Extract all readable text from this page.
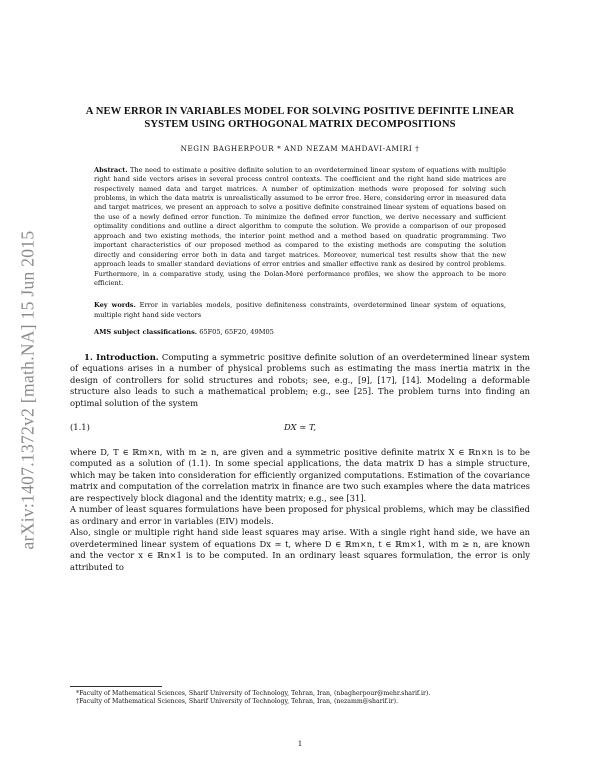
arXiv:1407.1372v2 [math.NA] 15 Jun 2015
A NEW ERROR IN VARIABLES MODEL FOR SOLVING POSITIVE DEFINITE LINEAR SYSTEM USING ORTHOGONAL MATRIX DECOMPOSITIONS
NEGIN BAGHERPOUR * AND NEZAM MAHDAVI-AMIRI †
Abstract. The need to estimate a positive definite solution to an overdetermined linear system of equations with multiple right hand side vectors arises in several process control contexts. The coefficient and the right hand side matrices are respectively named data and target matrices. A number of optimization methods were proposed for solving such problems, in which the data matrix is unrealistically assumed to be error free. Here, considering error in measured data and target matrices, we present an approach to solve a positive definite constrained linear system of equations based on the use of a newly defined error function. To minimize the defined error function, we derive necessary and sufficient optimality conditions and outline a direct algorithm to compute the solution. We provide a comparison of our proposed approach and two existing methods, the interior point method and a method based on quadratic programming. Two important characteristics of our proposed method as compared to the existing methods are computing the solution directly and considering error both in data and target matrices. Moreover, numerical test results show that the new approach leads to smaller standard deviations of error entries and smaller effective rank as desired by control problems. Furthermore, in a comparative study, using the Dolan-Moré performance profiles, we show the approach to be more efficient.
Key words. Error in variables models, positive definiteness constraints, overdetermined linear system of equations, multiple right hand side vectors
AMS subject classifications. 65F05, 65F20, 49M05

1. Introduction. Computing a symmetric positive definite solution of an overdetermined linear system of equations arises in a number of physical problems such as estimating the mass inertia matrix in the design of controllers for solid structures and robots; see, e.g., [9], [17], [14]. Modeling a deformable structure also leads to such a mathematical problem; e.g., see [25]. The problem turns into finding an optimal solution of the system

(1.1)	DX ≃ T,

where D, T ∈ ℝm×n, with m ≥ n, are given and a symmetric positive definite matrix X ∈ ℝn×n is to be computed as a solution of (1.1). In some special applications, the data matrix D has a simple structure, which may be taken into consideration for efficiently organized computations. Estimation of the covariance matrix and computation of the correlation matrix in finance are two such examples where the data matrices are respectively block diagonal and the identity matrix; e.g., see [31].

A number of least squares formulations have been proposed for physical problems, which may be classified as ordinary and error in variables (EIV) models.

Also, single or multiple right hand side least squares may arise. With a single right hand side, we have an overdetermined linear system of equations Dx ≃ t, where D ∈ ℝm×n, t ∈ ℝm×1, with m ≥ n, are known and the vector x ∈ ℝn×1 is to be computed. In an ordinary least squares formulation, the error is only attributed to

*Faculty of Mathematical Sciences, Sharif University of Technology, Tehran, Iran, (nbagherpour@mehr.sharif.ir).

†Faculty of Mathematical Sciences, Sharif University of Technology, Tehran, Iran, (nezamm@sharif.ir).

1
